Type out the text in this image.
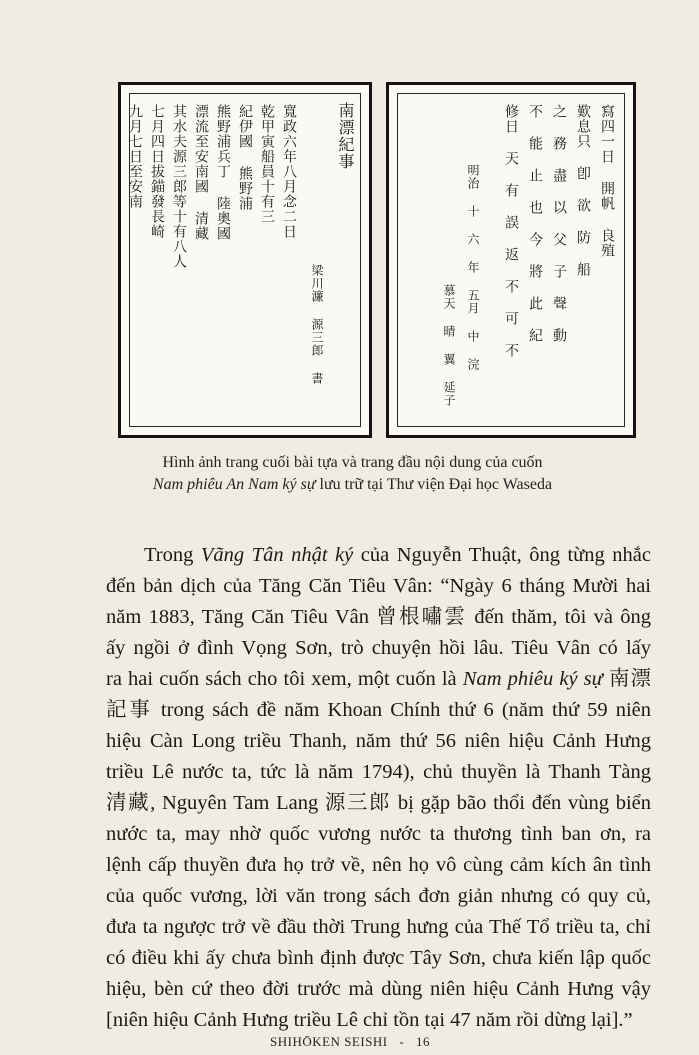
南漂紀事
寬政六年八月念二日
乾甲寅船員十有三
紀伊國 熊野浦
熊野浦兵丁 陸奧國
漂流至安南國 清藏
其水夫源三郎等十有八人
七月四日拔錨發長崎
九月七日至安南
梁川濂 源三郎 書
寫四一日 開帆 良殖
歎息只 卽 欲 防 船
之 務 盡 以 父 子 聲 動
不 能 止 也 今 將 此 紀
修日 天 有 誤 返 不 可 不
明治 十 六 年 五月 中 浣
慕天 晴 翼 延子
Hình ảnh trang cuối bài tựa và trang đầu nội dung của cuốn
Nam phiêu An Nam ký sự lưu trữ tại Thư viện Đại học Waseda
Trong Vãng Tân nhật ký của Nguyễn Thuật, ông từng nhắc
đến bản dịch của Tăng Căn Tiêu Vân: “Ngày 6 tháng Mười hai
năm 1883, Tăng Căn Tiêu Vân 曾根嘯雲 đến thăm, tôi và ông
ấy ngồi ở đình Vọng Sơn, trò chuyện hồi lâu. Tiêu Vân có lấy
ra hai cuốn sách cho tôi xem, một cuốn là Nam phiêu ký sự 南漂
記事 trong sách đề năm Khoan Chính thứ 6 (năm thứ 59 niên
hiệu Càn Long triều Thanh, năm thứ 56 niên hiệu Cảnh Hưng
triều Lê nước ta, tức là năm 1794), chủ thuyền là Thanh Tàng
清藏, Nguyên Tam Lang 源三郎 bị gặp bão thổi đến vùng biển
nước ta, may nhờ quốc vương nước ta thương tình ban ơn, ra
lệnh cấp thuyền đưa họ trở về, nên họ vô cùng cảm kích ân tình
của quốc vương, lời văn trong sách đơn giản nhưng có quy củ,
đưa ta ngược trở về đầu thời Trung hưng của Thế Tổ triều ta, chỉ
có điều khi ấy chưa bình định được Tây Sơn, chưa kiến lập quốc
hiệu, bèn cứ theo đời trước mà dùng niên hiệu Cảnh Hưng vậy
[niên hiệu Cảnh Hưng triều Lê chỉ tồn tại 47 năm rồi dừng lại].”
SHIHŌKEN SEISHI - 16
